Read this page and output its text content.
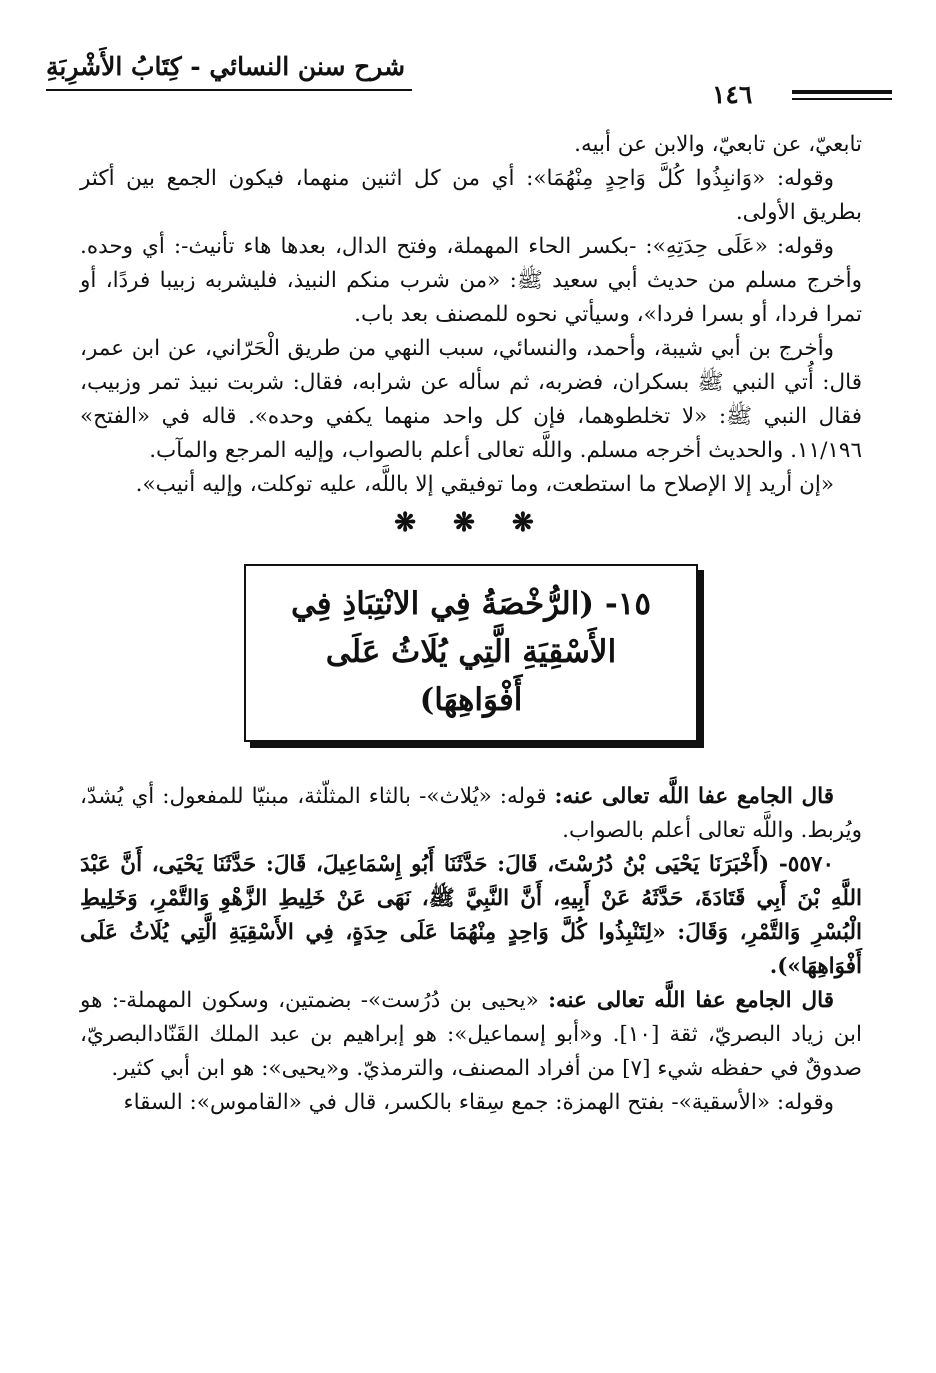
شرح سنن النسائي - كِتَابُ الأَشْرِبَةِ
١٤٦

تابعيّ، عن تابعيّ، والابن عن أبيه.

وقوله: «وَانبِذُوا كُلَّ وَاحِدٍ مِنْهُمَا»: أي من كل اثنين منهما، فيكون الجمع بين أكثر بطريق الأولى.

وقوله: «عَلَى حِدَتِهِ»: -بكسر الحاء المهملة، وفتح الدال، بعدها هاء تأنيث-: أي وحده. وأخرج مسلم من حديث أبي سعيد ﷺ: «من شرب منكم النبيذ، فليشربه زبيبا فردًا، أو تمرا فردا، أو بسرا فردا»، وسيأتي نحوه للمصنف بعد باب.

وأخرج بن أبي شيبة، وأحمد، والنسائي، سبب النهي من طريق الْحَرّاني، عن ابن عمر، قال: أُتي النبي ﷺ بسكران، فضربه، ثم سأله عن شرابه، فقال: شربت نبيذ تمر وزبيب، فقال النبي ﷺ: «لا تخلطوهما، فإن كل واحد منهما يكفي وحده». قاله في «الفتح» ١١/١٩٦. والحديث أخرجه مسلم. واللَّه تعالى أعلم بالصواب، وإليه المرجع والمآب.

«إن أريد إلا الإصلاح ما استطعت، وما توفيقي إلا باللَّه، عليه توكلت، وإليه أنيب».

❋ ❋ ❋
١٥- (الرُّخْصَةُ فِي الانْتِبَاذِ فِي
الأَسْقِيَةِ الَّتِي يُلَاثُ عَلَى أَفْوَاهِهَا)

قال الجامع عفا اللَّه تعالى عنه: قوله: «يُلاث»- بالثاء المثلّثة، مبنيّا للمفعول: أي يُشدّ، ويُربط. واللَّه تعالى أعلم بالصواب.

٥٥٧٠- (أَخْبَرَنَا يَحْيَى بْنُ دُرُسْتَ، قَالَ: حَدَّثَنَا أَبُو إِسْمَاعِيلَ، قَالَ: حَدَّثَنَا يَحْيَى، أَنَّ عَبْدَ اللَّهِ بْنَ أَبِي قَتَادَةَ، حَدَّثَهُ عَنْ أَبِيهِ، أَنَّ النَّبِيَّ ﷺ، نَهَى عَنْ خَلِيطِ الزَّهْوِ وَالتَّمْرِ، وَخَلِيطِ الْبُسْرِ وَالتَّمْرِ، وَقَالَ: «لِتَنْبِذُوا كُلَّ وَاحِدٍ مِنْهُمَا عَلَى حِدَةٍ، فِي الأَسْقِيَةِ الَّتِي يُلَاثُ عَلَى أَفْوَاهِهَا»).

قال الجامع عفا اللَّه تعالى عنه: «يحيى بن دُرُست»- بضمتين، وسكون المهملة-: هو ابن زياد البصريّ، ثقة [١٠]. و«أبو إسماعيل»: هو إبراهيم بن عبد الملك القَنّادالبصريّ، صدوقٌ في حفظه شيء [٧] من أفراد المصنف، والترمذيّ. و«يحيى»: هو ابن أبي كثير.

وقوله: «الأسقية»- بفتح الهمزة: جمع سِقاء بالكسر، قال في «القاموس»: السقاء
